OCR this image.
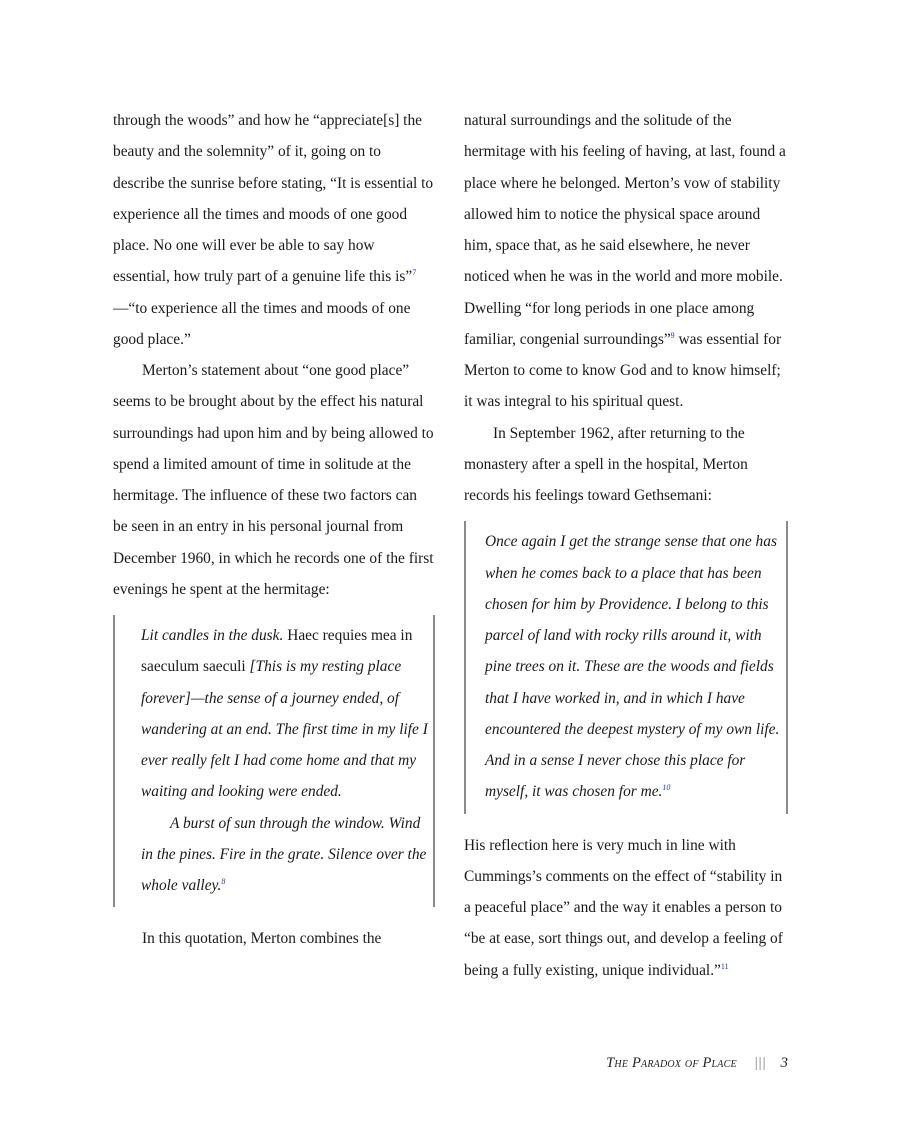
through the woods” and how he “appreciate[s] the beauty and the solemnity” of it, going on to describe the sunrise before stating, “It is essential to experience all the times and moods of one good place. No one will ever be able to say how essential, how truly part of a genuine life this is”$^7$—“to experience all the times and moods of one good place.”

Merton’s statement about “one good place” seems to be brought about by the effect his natural surroundings had upon him and by being allowed to spend a limited amount of time in solitude at the hermitage. The influence of these two factors can be seen in an entry in his personal journal from December 1960, in which he records one of the first evenings he spent at the hermitage:

Lit candles in the dusk. Haec requies mea in saeculum saeculi [This is my resting place forever]—the sense of a journey ended, of wandering at an end. The first time in my life I ever really felt I had come home and that my waiting and looking were ended.

A burst of sun through the window. Wind in the pines. Fire in the grate. Silence over the whole valley.$^8$

In this quotation, Merton combines the

natural surroundings and the solitude of the hermitage with his feeling of having, at last, found a place where he belonged. Merton’s vow of stability allowed him to notice the physical space around him, space that, as he said elsewhere, he never noticed when he was in the world and more mobile. Dwelling “for long periods in one place among familiar, congenial surroundings”$^9$ was essential for Merton to come to know God and to know himself; it was integral to his spiritual quest.

In September 1962, after returning to the monastery after a spell in the hospital, Merton records his feelings toward Gethsemani:

Once again I get the strange sense that one has when he comes back to a place that has been chosen for him by Providence. I belong to this parcel of land with rocky rills around it, with pine trees on it. These are the woods and fields that I have worked in, and in which I have encountered the deepest mystery of my own life. And in a sense I never chose this place for myself, it was chosen for me.$^{10}$

His reflection here is very much in line with Cummings’s comments on the effect of “stability in a peaceful place” and the way it enables a person to “be at ease, sort things out, and develop a feeling of being a fully existing, unique individual.”$^{11}$

The Paradox of Place ||| 3
